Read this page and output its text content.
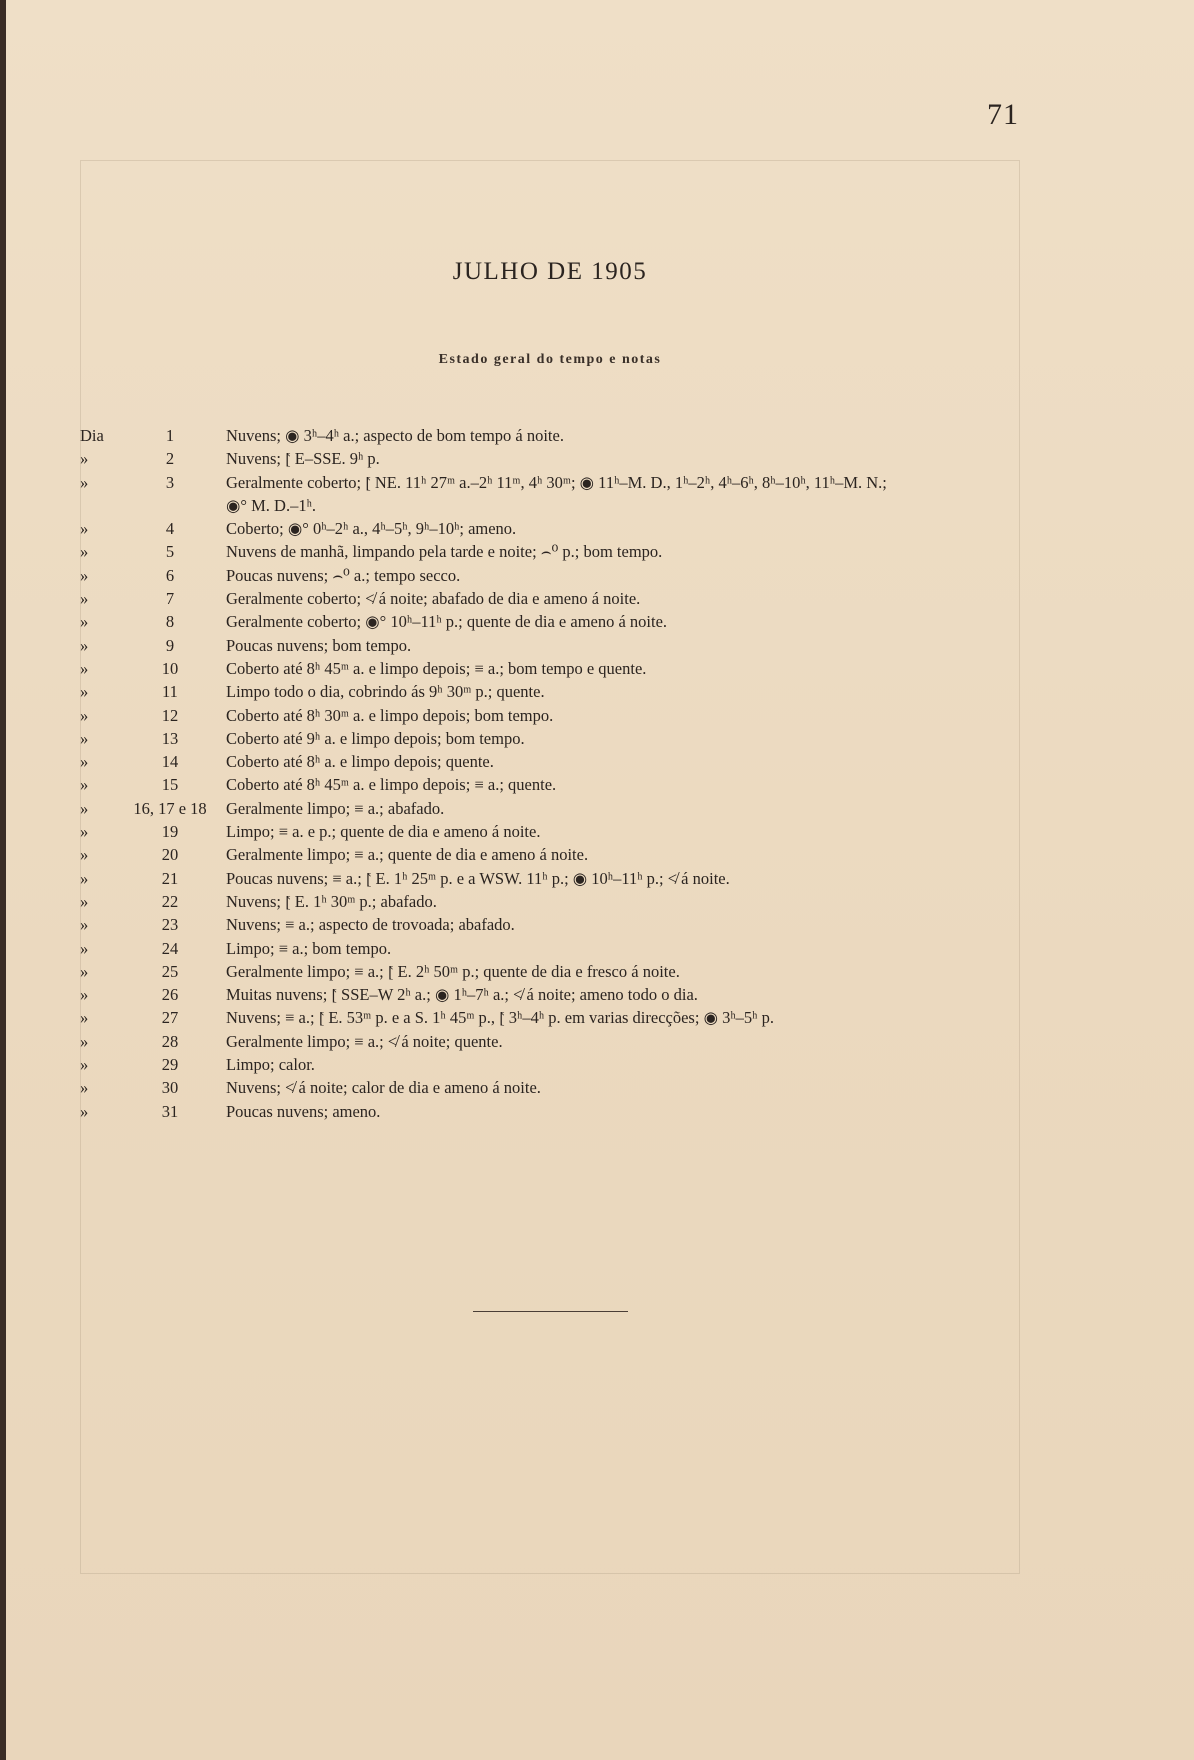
71
JULHO DE 1905
Estado geral do tempo e notas
Dia	1	Nuvens; ◉ 3ʰ–4ʰ a.; aspecto de bom tempo á noite.
»	2	Nuvens; ⦍ E–SSE. 9ʰ p.
»	3	Geralmente coberto; ⦍ NE. 11ʰ 27ᵐ a.–2ʰ 11ᵐ, 4ʰ 30ᵐ; ◉ 11ʰ–M. D., 1ʰ–2ʰ, 4ʰ–6ʰ, 8ʰ–10ʰ, 11ʰ–M. N.;
◉° M. D.–1ʰ.
»	4	Coberto; ◉° 0ʰ–2ʰ a., 4ʰ–5ʰ, 9ʰ–10ʰ; ameno.
»	5	Nuvens de manhã, limpando pela tarde e noite; ⌢⁰ p.; bom tempo.
»	6	Poucas nuvens; ⌢⁰ a.; tempo secco.
»	7	Geralmente coberto; ≮ á noite; abafado de dia e ameno á noite.
»	8	Geralmente coberto; ◉° 10ʰ–11ʰ p.; quente de dia e ameno á noite.
»	9	Poucas nuvens; bom tempo.
»	10	Coberto até 8ʰ 45ᵐ a. e limpo depois; ≡ a.; bom tempo e quente.
»	11	Limpo todo o dia, cobrindo ás 9ʰ 30ᵐ p.; quente.
»	12	Coberto até 8ʰ 30ᵐ a. e limpo depois; bom tempo.
»	13	Coberto até 9ʰ a. e limpo depois; bom tempo.
»	14	Coberto até 8ʰ a. e limpo depois; quente.
»	15	Coberto até 8ʰ 45ᵐ a. e limpo depois; ≡ a.; quente.
»	16, 17 e 18	Geralmente limpo; ≡ a.; abafado.
»	19	Limpo; ≡ a. e p.; quente de dia e ameno á noite.
»	20	Geralmente limpo; ≡ a.; quente de dia e ameno á noite.
»	21	Poucas nuvens; ≡ a.; ⦍ E. 1ʰ 25ᵐ p. e a WSW. 11ʰ p.; ◉ 10ʰ–11ʰ p.; ≮ á noite.
»	22	Nuvens; ⦍ E. 1ʰ 30ᵐ p.; abafado.
»	23	Nuvens; ≡ a.; aspecto de trovoada; abafado.
»	24	Limpo; ≡ a.; bom tempo.
»	25	Geralmente limpo; ≡ a.; ⦍ E. 2ʰ 50ᵐ p.; quente de dia e fresco á noite.
»	26	Muitas nuvens; ⦍ SSE–W 2ʰ a.; ◉ 1ʰ–7ʰ a.; ≮ á noite; ameno todo o dia.
»	27	Nuvens; ≡ a.; ⦍ E. 53ᵐ p. e a S. 1ʰ 45ᵐ p., ⦍ 3ʰ–4ʰ p. em varias direcções; ◉ 3ʰ–5ʰ p.
»	28	Geralmente limpo; ≡ a.; ≮ á noite; quente.
»	29	Limpo; calor.
»	30	Nuvens; ≮ á noite; calor de dia e ameno á noite.
»	31	Poucas nuvens; ameno.
